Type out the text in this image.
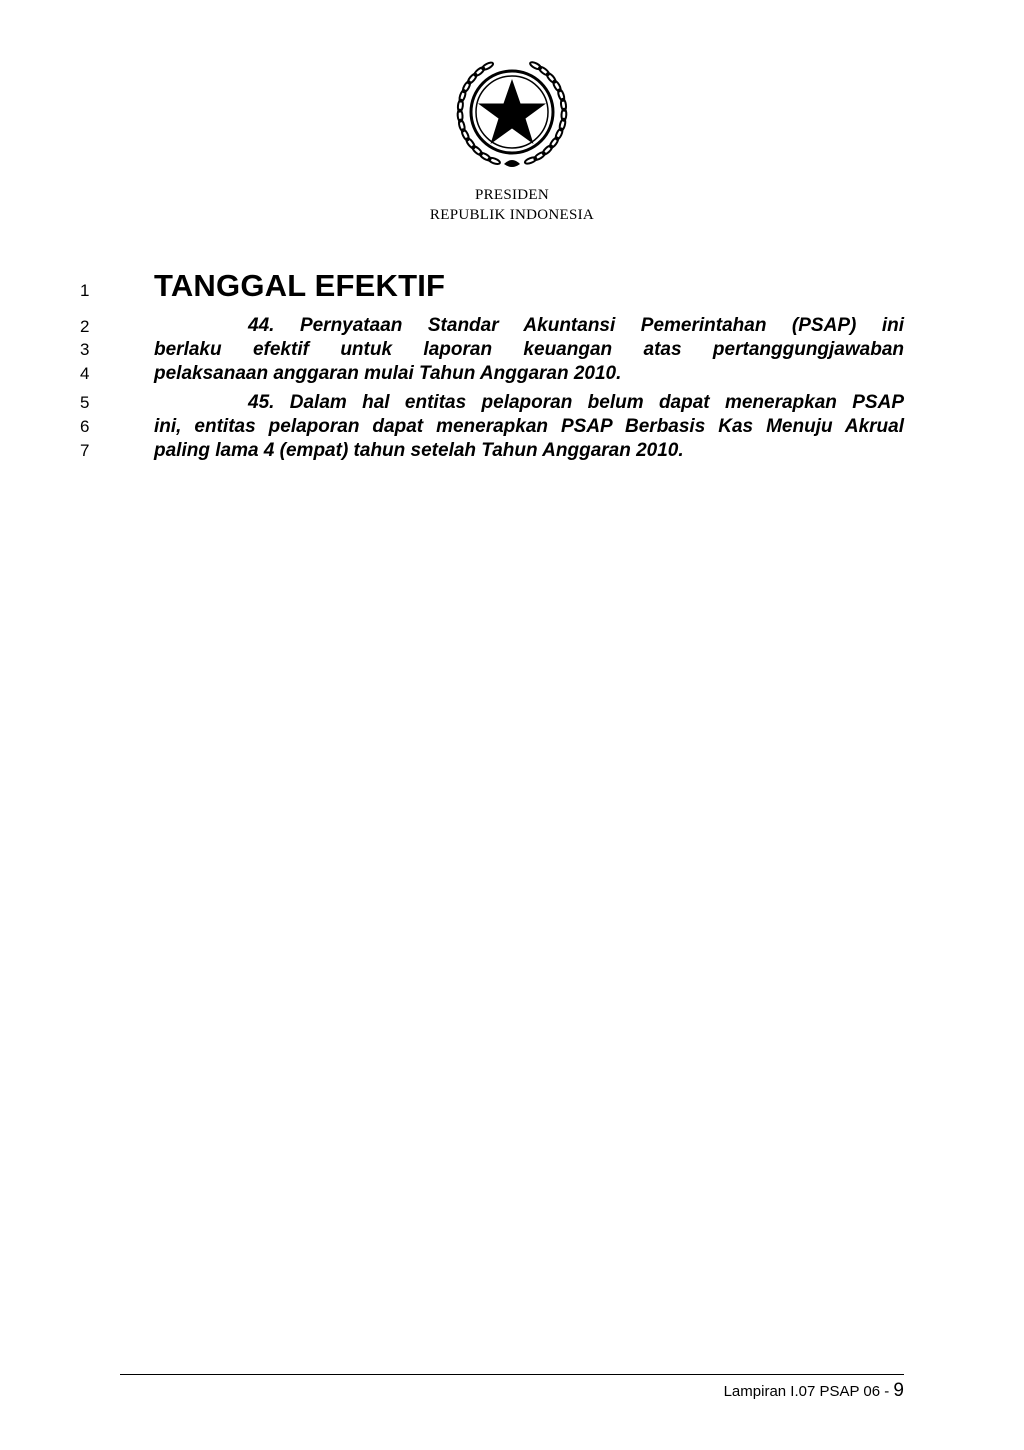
PRESIDEN
REPUBLIK INDONESIA
1
2
3
4
5
6
7
TANGGAL EFEKTIF
44. Pernyataan Standar Akuntansi Pemerintahan (PSAP) ini
berlaku efektif untuk laporan keuangan atas pertanggungjawaban
pelaksanaan anggaran mulai Tahun Anggaran 2010.
45. Dalam hal entitas pelaporan belum dapat menerapkan PSAP
ini, entitas pelaporan dapat menerapkan PSAP Berbasis Kas Menuju Akrual
paling lama 4 (empat) tahun setelah Tahun Anggaran 2010.
Lampiran I.07 PSAP 06 - 9
